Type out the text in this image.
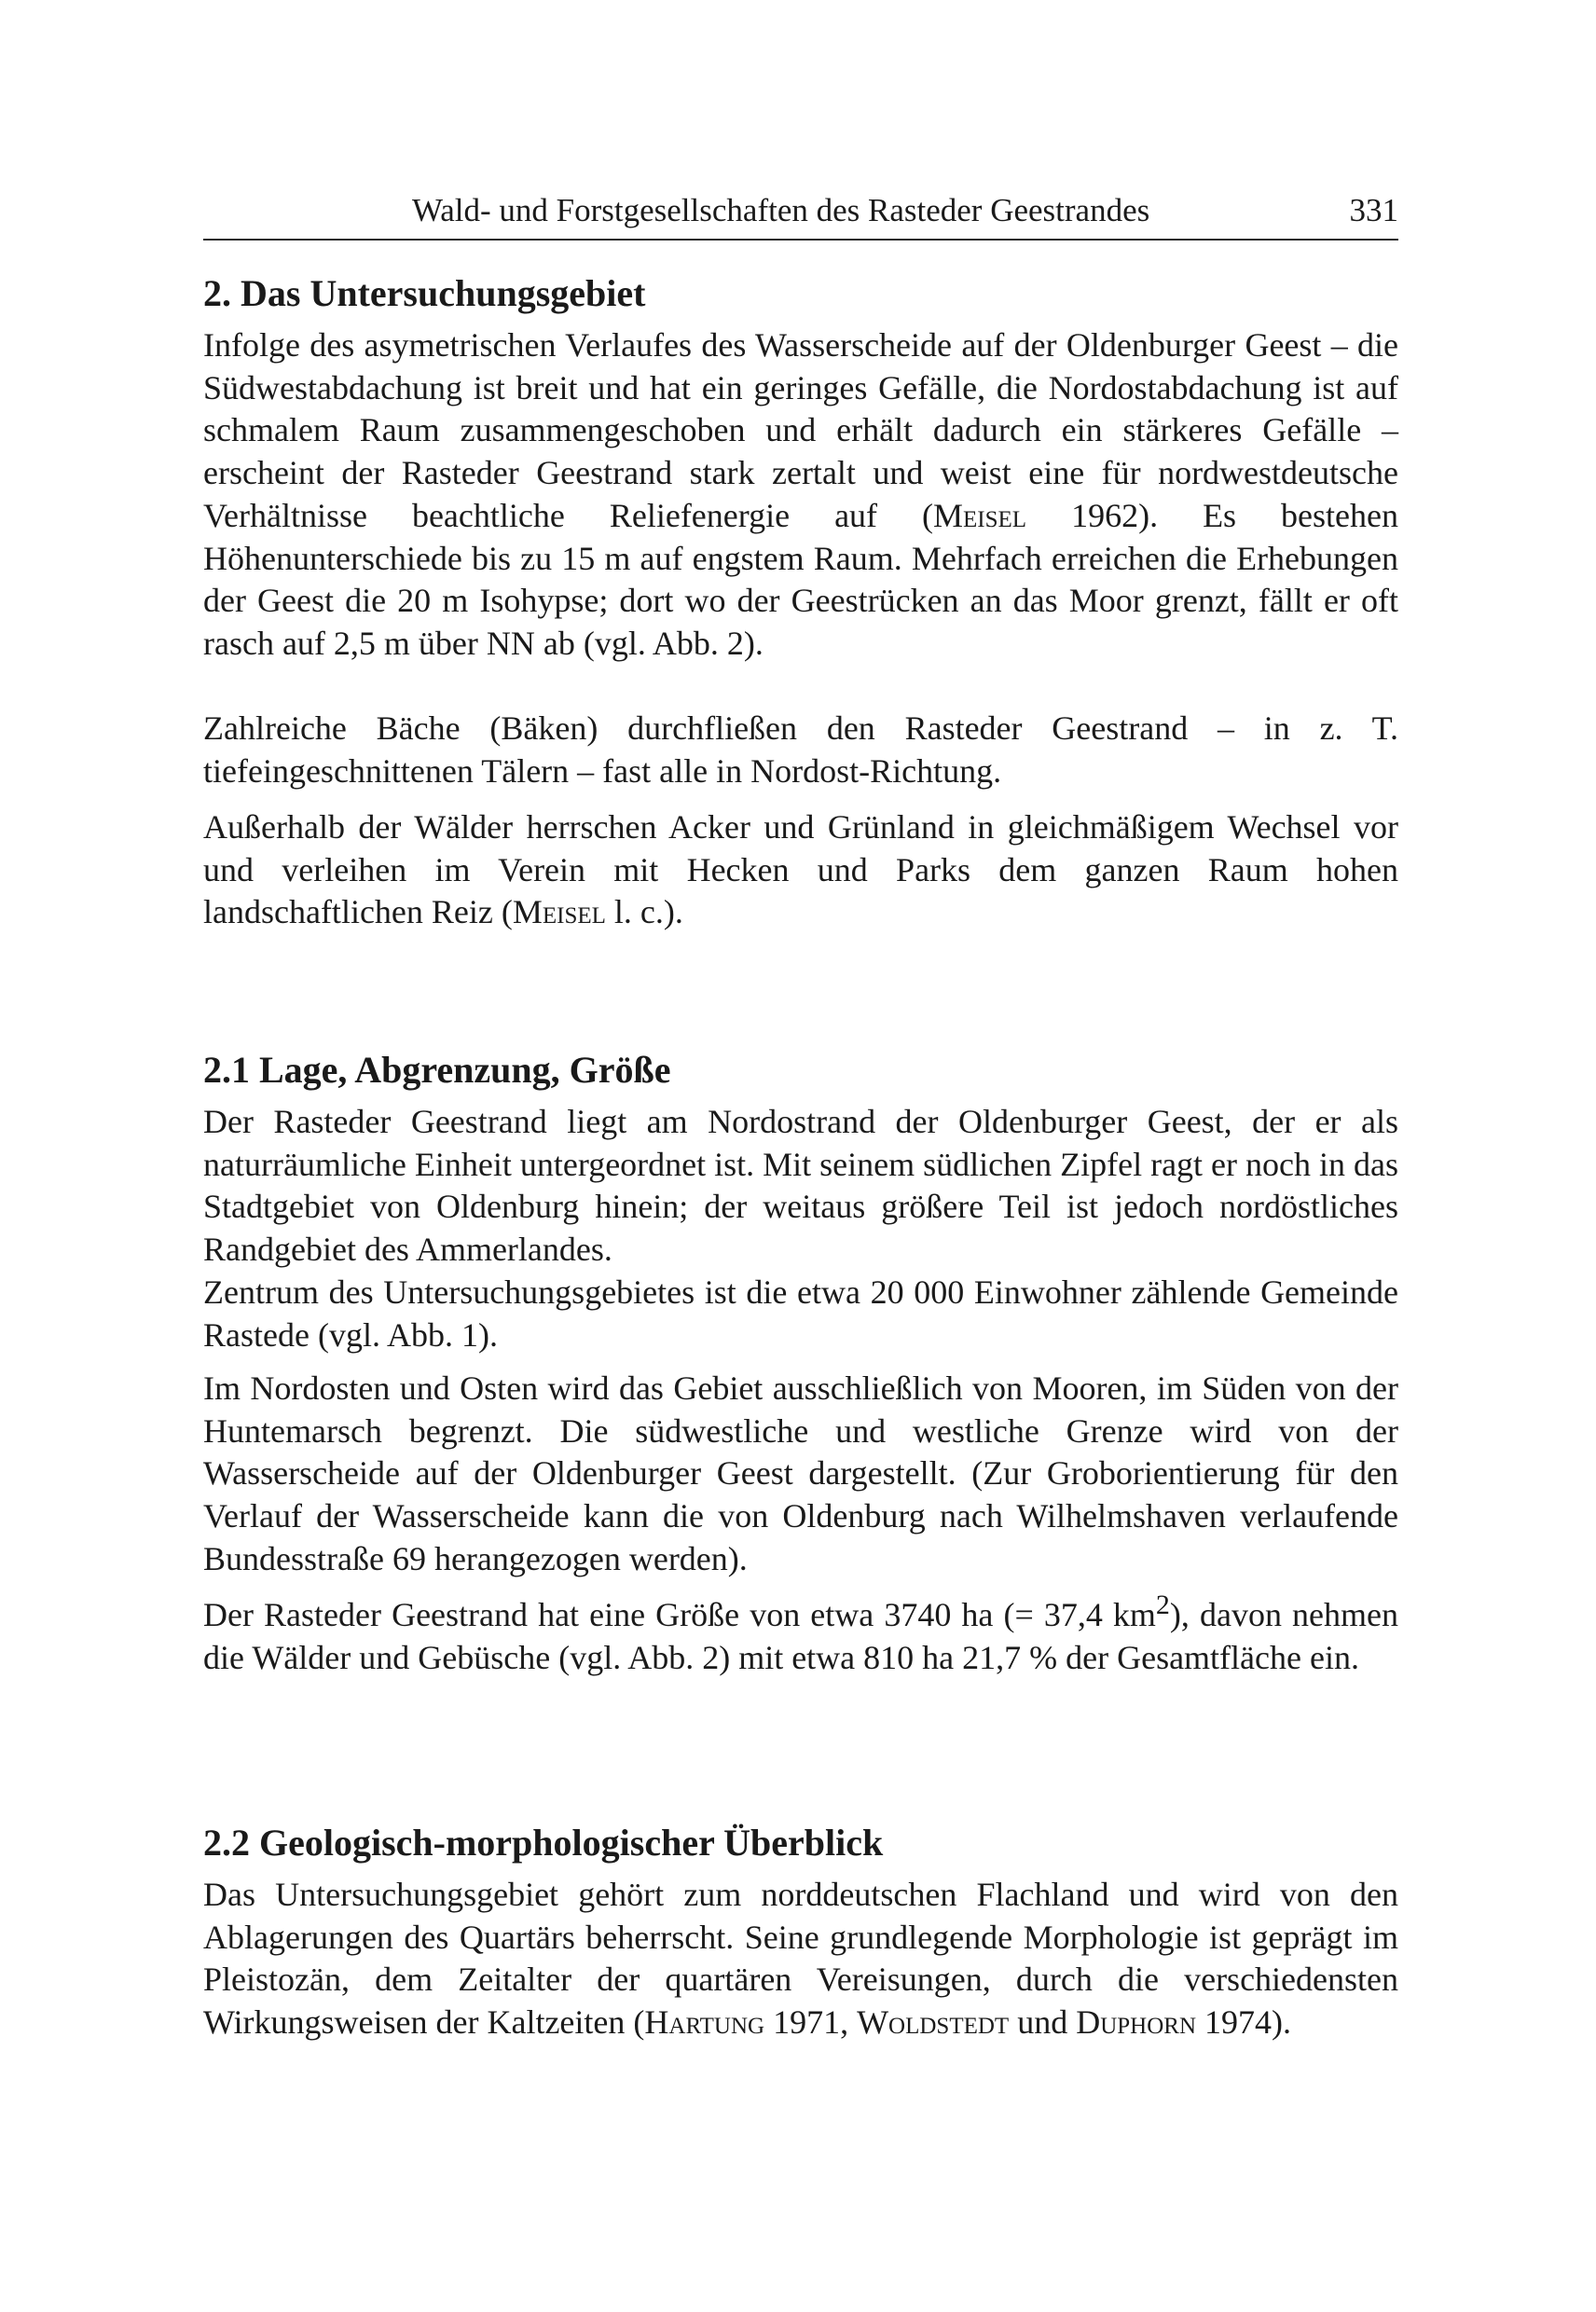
Wald- und Forstgesellschaften des Rasteder Geestrandes	331
2. Das Untersuchungsgebiet

Infolge des asymetrischen Verlaufes des Wasserscheide auf der Oldenburger Geest – die Südwestabdachung ist breit und hat ein geringes Gefälle, die Nordostabdachung ist auf schmalem Raum zusammengeschoben und erhält dadurch ein stärkeres Gefälle – erscheint der Rasteder Geestrand stark zertalt und weist eine für nordwestdeutsche Verhältnisse beachtliche Reliefenergie auf (Meisel 1962). Es bestehen Höhenunterschiede bis zu 15 m auf engstem Raum. Mehrfach erreichen die Erhebungen der Geest die 20 m Isohypse; dort wo der Geestrücken an das Moor grenzt, fällt er oft rasch auf 2,5 m über NN ab (vgl. Abb. 2).

Zahlreiche Bäche (Bäken) durchfließen den Rasteder Geestrand – in z. T. tiefeingeschnittenen Tälern – fast alle in Nordost-Richtung.

Außerhalb der Wälder herrschen Acker und Grünland in gleichmäßigem Wechsel vor und verleihen im Verein mit Hecken und Parks dem ganzen Raum hohen landschaftlichen Reiz (Meisel l. c.).

2.1 Lage, Abgrenzung, Größe

Der Rasteder Geestrand liegt am Nordostrand der Oldenburger Geest, der er als naturräumliche Einheit untergeordnet ist. Mit seinem südlichen Zipfel ragt er noch in das Stadtgebiet von Oldenburg hinein; der weitaus größere Teil ist jedoch nordöstliches Randgebiet des Ammerlandes.

Zentrum des Untersuchungsgebietes ist die etwa 20 000 Einwohner zählende Gemeinde Rastede (vgl. Abb. 1).

Im Nordosten und Osten wird das Gebiet ausschließlich von Mooren, im Süden von der Huntemarsch begrenzt. Die südwestliche und westliche Grenze wird von der Wasserscheide auf der Oldenburger Geest dargestellt. (Zur Groborientierung für den Verlauf der Wasserscheide kann die von Oldenburg nach Wilhelmshaven verlaufende Bundesstraße 69 herangezogen werden).

Der Rasteder Geestrand hat eine Größe von etwa 3740 ha (= 37,4 $km^2$), davon nehmen die Wälder und Gebüsche (vgl. Abb. 2) mit etwa 810 ha 21,7 % der Gesamtfläche ein.

2.2 Geologisch-morphologischer Überblick

Das Untersuchungsgebiet gehört zum norddeutschen Flachland und wird von den Ablagerungen des Quartärs beherrscht. Seine grundlegende Morphologie ist geprägt im Pleistozän, dem Zeitalter der quartären Vereisungen, durch die verschiedensten Wirkungsweisen der Kaltzeiten (Hartung 1971, Woldstedt und Duphorn 1974).
